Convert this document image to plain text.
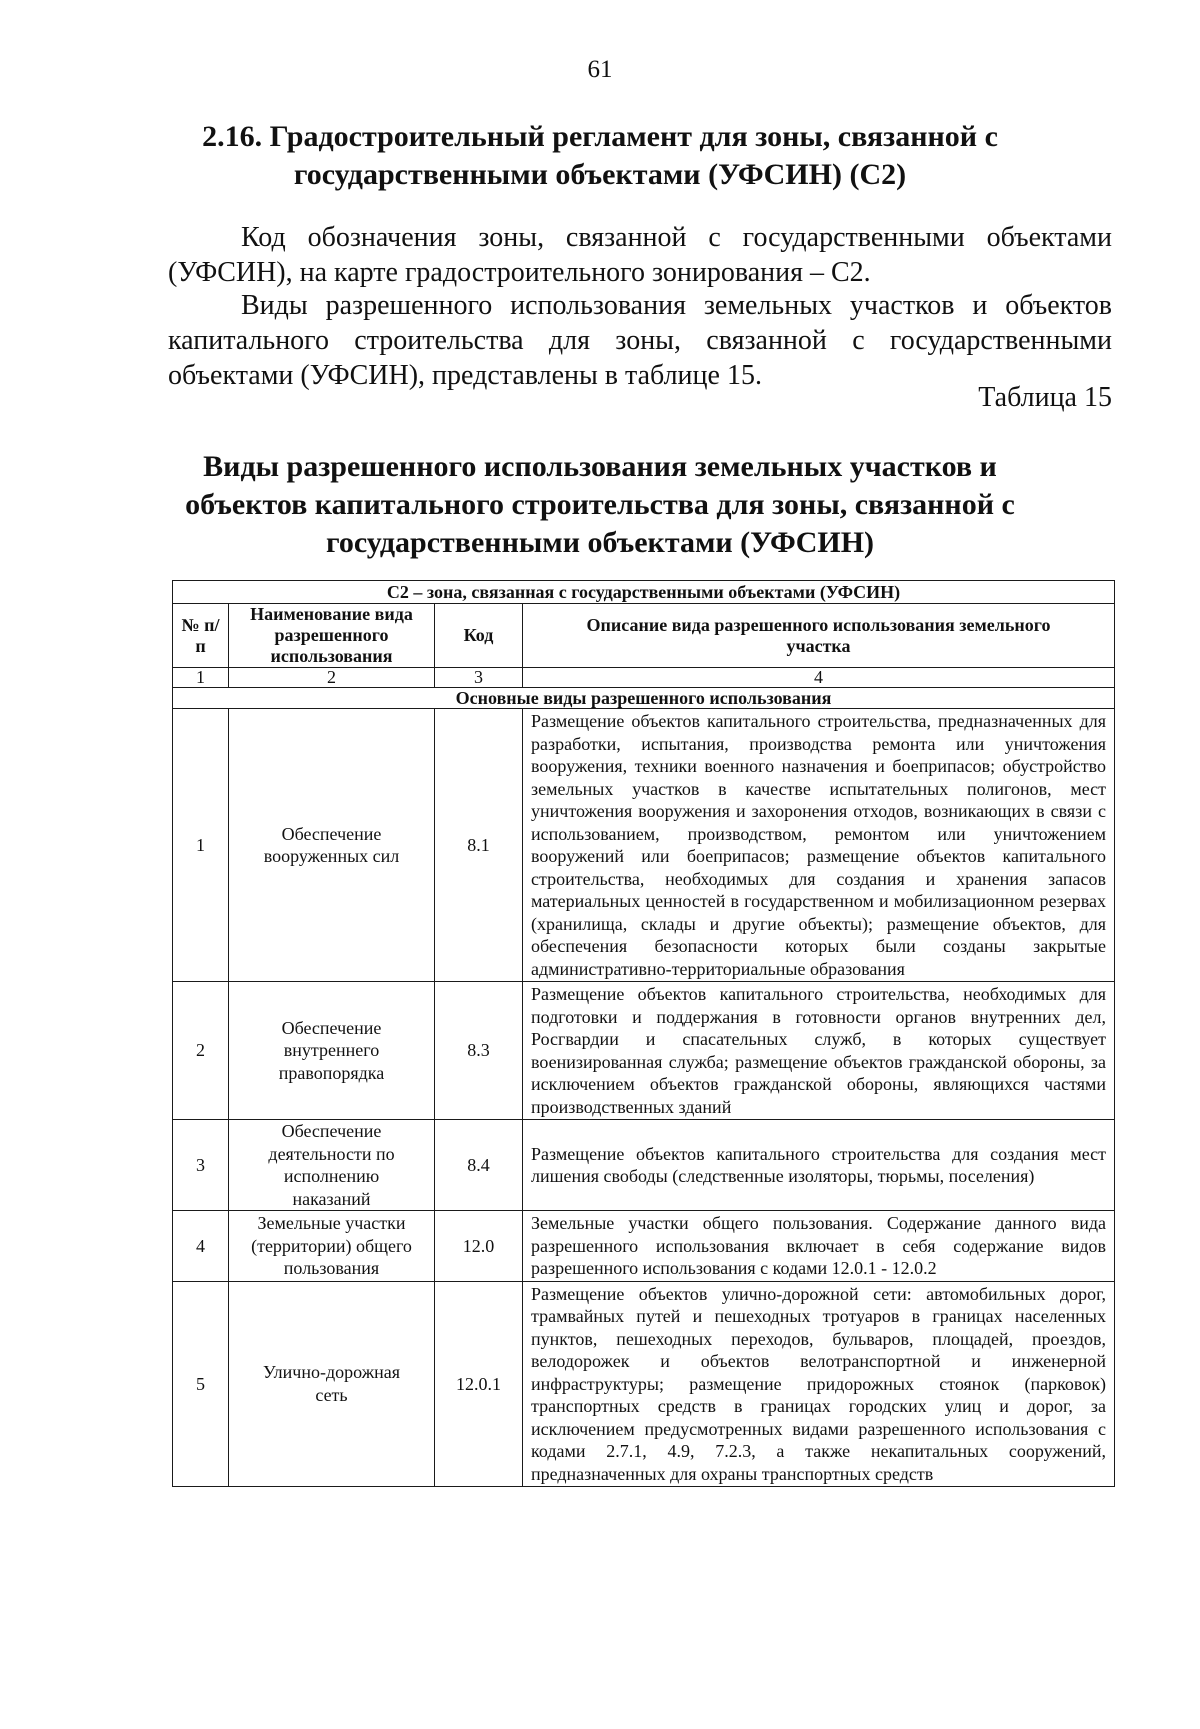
61
2.16. Градостроительный регламент для зоны, связанной с государственными объектами (УФСИН) (С2)
Код обозначения зоны, связанной с государственными объектами
(УФСИН), на карте градостроительного зонирования – С2.
Виды разрешенного использования земельных участков и объектов
капитального строительства для зоны, связанной с государственными
объектами (УФСИН), представлены в таблице 15.
Таблица 15
Виды разрешенного использования земельных участков и объектов капитального строительства для зоны, связанной с государственными объектами (УФСИН)
С2 – зона, связанная с государственными объектами (УФСИН)			
№ п/п	Наименование вида разрешенного использования	Код	Описание вида разрешенного использования земельного участка
1	2	3	4
Основные виды разрешенного использования			
1	Обеспечение вооруженных сил	8.1	Размещение объектов капитального строительства, предназначенных для разработки, испытания, производства ремонта или уничтожения вооружения, техники военного назначения и боеприпасов; обустройство земельных участков в качестве испытательных полигонов, мест уничтожения вооружения и захоронения отходов, возникающих в связи с использованием, производством, ремонтом или уничтожением вооружений или боеприпасов; размещение объектов капитального строительства, необходимых для создания и хранения запасов материальных ценностей в государственном и мобилизационном резервах (хранилища, склады и другие объекты); размещение объектов, для обеспечения безопасности которых были созданы закрытые административно-территориальные образования
2	Обеспечение внутреннего правопорядка	8.3	Размещение объектов капитального строительства, необходимых для подготовки и поддержания в готовности органов внутренних дел, Росгвардии и спасательных служб, в которых существует военизированная служба; размещение объектов гражданской обороны, за исключением объектов гражданской обороны, являющихся частями производственных зданий
3	Обеспечение деятельности по исполнению наказаний	8.4	Размещение объектов капитального строительства для создания мест лишения свободы (следственные изоляторы, тюрьмы, поселения)
4	Земельные участки (территории) общего пользования	12.0	Земельные участки общего пользования. Содержание данного вида разрешенного использования включает в себя содержание видов разрешенного использования с кодами 12.0.1 - 12.0.2
5	Улично-дорожная сеть	12.0.1	Размещение объектов улично-дорожной сети: автомобильных дорог, трамвайных путей и пешеходных тротуаров в границах населенных пунктов, пешеходных переходов, бульваров, площадей, проездов, велодорожек и объектов велотранспортной и инженерной инфраструктуры; размещение придорожных стоянок (парковок) транспортных средств в границах городских улиц и дорог, за исключением предусмотренных видами разрешенного использования с кодами 2.7.1, 4.9, 7.2.3, а также некапитальных сооружений, предназначенных для охраны транспортных средств
